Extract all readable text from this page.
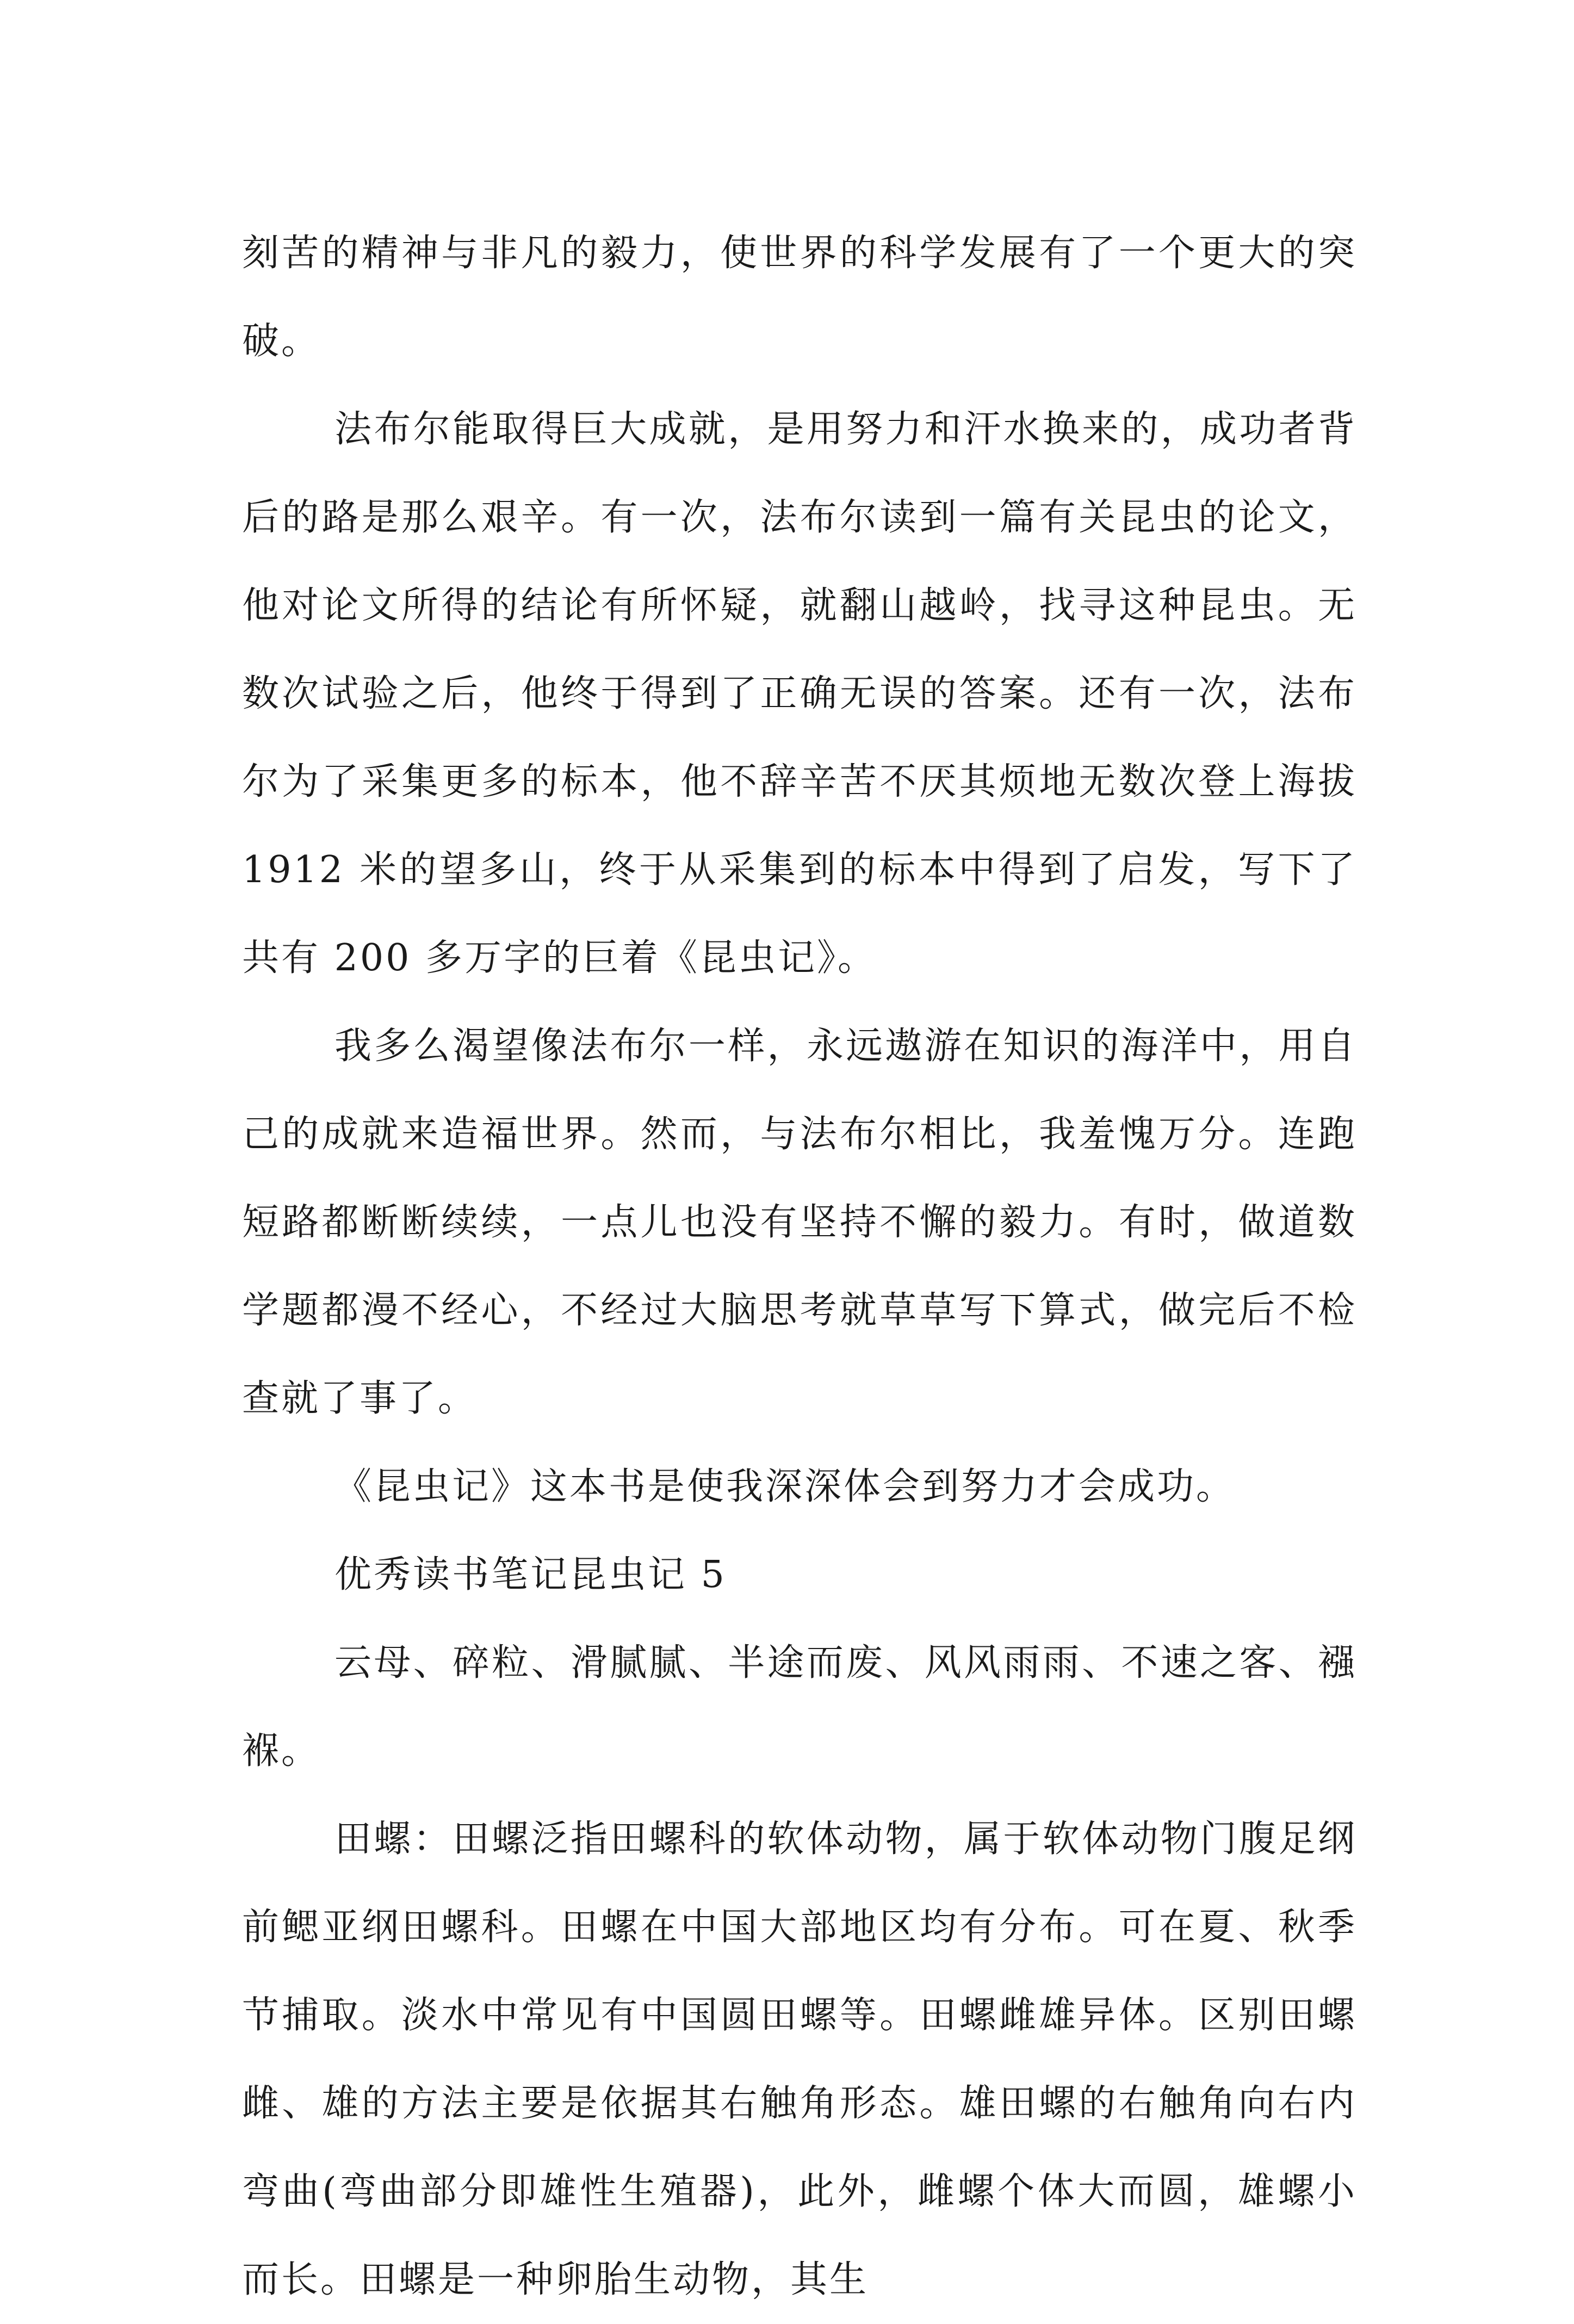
刻苦的精神与非凡的毅力，使世界的科学发展有了一个更大的突破。

法布尔能取得巨大成就，是用努力和汗水换来的，成功者背后的路是那么艰辛。有一次，法布尔读到一篇有关昆虫的论文，他对论文所得的结论有所怀疑，就翻山越岭，找寻这种昆虫。无数次试验之后，他终于得到了正确无误的答案。还有一次，法布尔为了采集更多的标本，他不辞辛苦不厌其烦地无数次登上海拔 1912 米的望多山，终于从采集到的标本中得到了启发，写下了共有 200 多万字的巨着《昆虫记》。

我多么渴望像法布尔一样，永远遨游在知识的海洋中，用自己的成就来造福世界。然而，与法布尔相比，我羞愧万分。连跑短路都断断续续，一点儿也没有坚持不懈的毅力。有时，做道数学题都漫不经心，不经过大脑思考就草草写下算式，做完后不检查就了事了。

《昆虫记》这本书是使我深深体会到努力才会成功。

优秀读书笔记昆虫记 5

云母、碎粒、滑腻腻、半途而废、风风雨雨、不速之客、襁褓。

田螺：田螺泛指田螺科的软体动物，属于软体动物门腹足纲前鳃亚纲田螺科。田螺在中国大部地区均有分布。可在夏、秋季节捕取。淡水中常见有中国圆田螺等。田螺雌雄异体。区别田螺雌、雄的方法主要是依据其右触角形态。雄田螺的右触角向右内弯曲(弯曲部分即雄性生殖器)，此外，雌螺个体大而圆，雄螺小而长。田螺是一种卵胎生动物，其生
